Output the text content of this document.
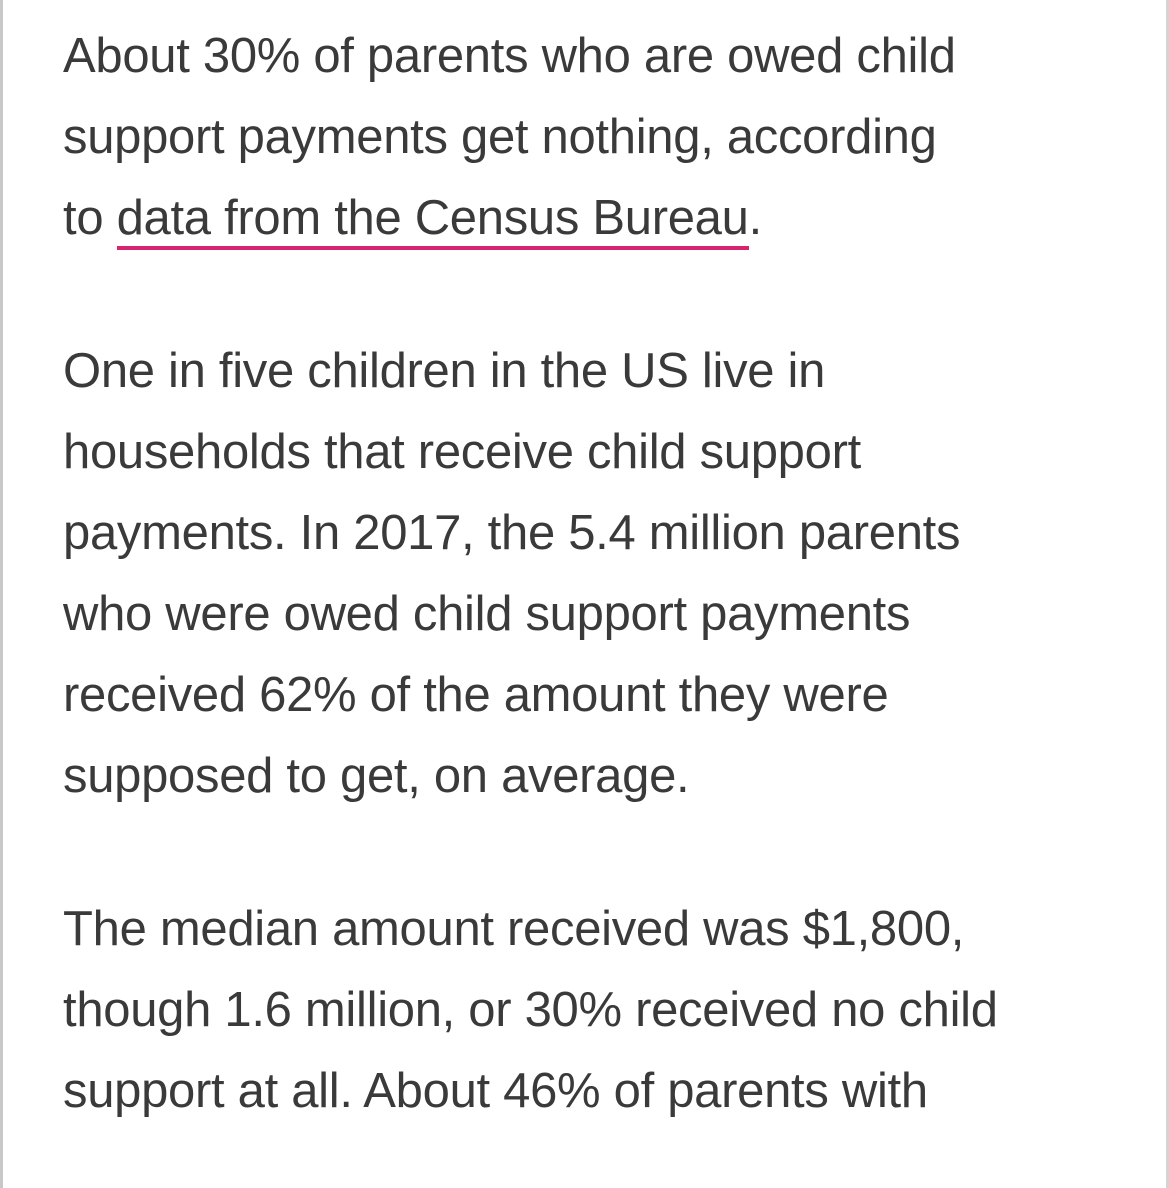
About 30% of parents who are owed child
support payments get nothing, according
to data from the Census Bureau.

One in five children in the US live in
households that receive child support
payments. In 2017, the 5.4 million parents
who were owed child support payments
received 62% of the amount they were
supposed to get, on average.

The median amount received was $1,800,
though 1.6 million, or 30% received no child
support at all. About 46% of parents with
